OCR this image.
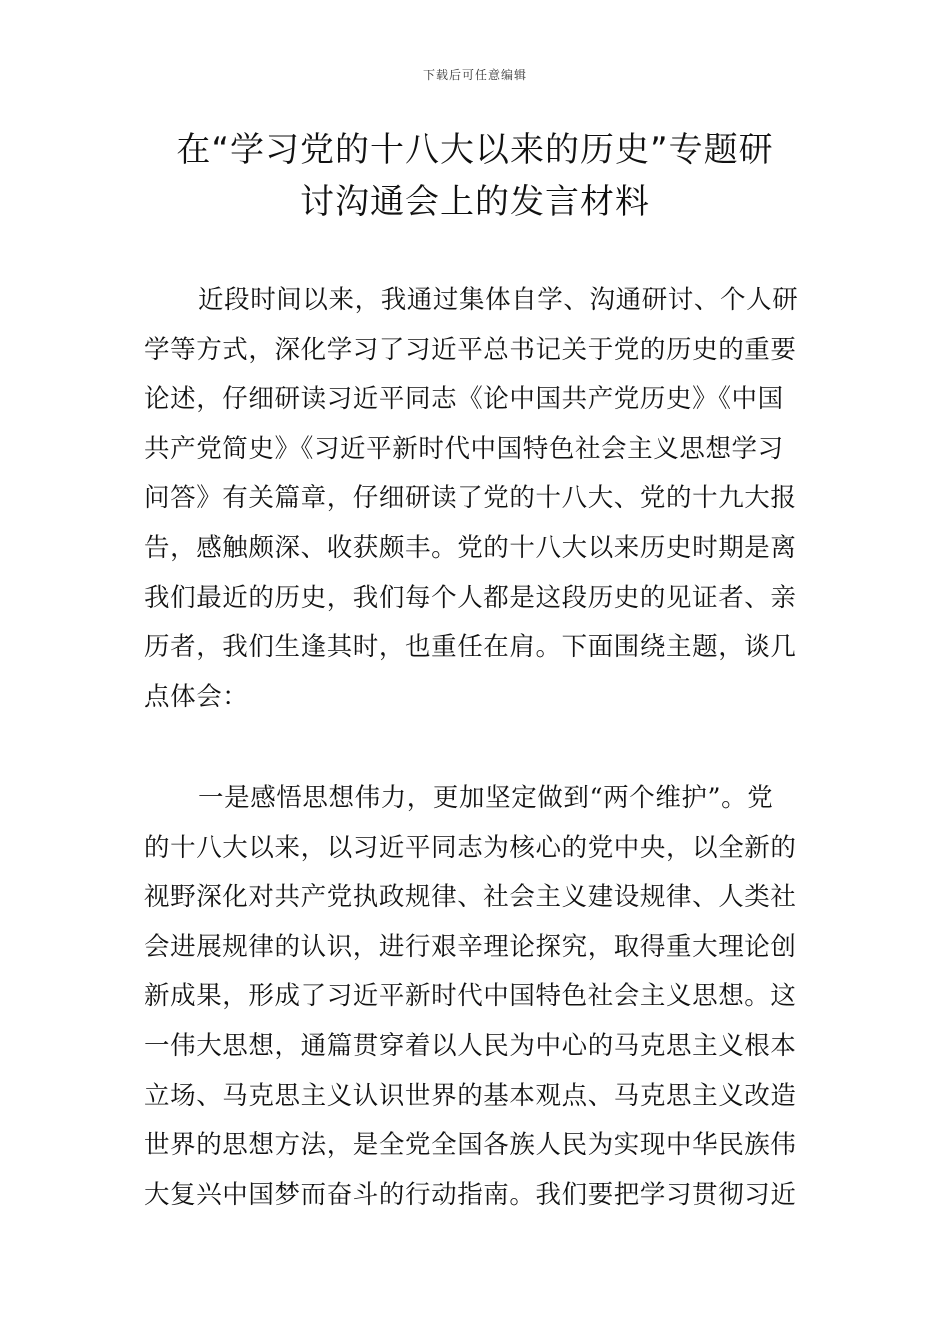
下载后可任意编辑
在“学习党的十八大以来的历史”专题研
讨沟通会上的发言材料
近段时间以来，我通过集体自学、沟通研讨、个人研
学等方式，深化学习了习近平总书记关于党的历史的重要
论述，仔细研读习近平同志《论中国共产党历史》《中国
共产党简史》《习近平新时代中国特色社会主义思想学习
问答》有关篇章，仔细研读了党的十八大、党的十九大报
告，感触颇深、收获颇丰。党的十八大以来历史时期是离
我们最近的历史，我们每个人都是这段历史的见证者、亲
历者，我们生逢其时，也重任在肩。下面围绕主题，谈几
点体会：
一是感悟思想伟力，更加坚定做到“两个维护”。党
的十八大以来，以习近平同志为核心的党中央，以全新的
视野深化对共产党执政规律、社会主义建设规律、人类社
会进展规律的认识，进行艰辛理论探究，取得重大理论创
新成果，形成了习近平新时代中国特色社会主义思想。这
一伟大思想，通篇贯穿着以人民为中心的马克思主义根本
立场、马克思主义认识世界的基本观点、马克思主义改造
世界的思想方法，是全党全国各族人民为实现中华民族伟
大复兴中国梦而奋斗的行动指南。我们要把学习贯彻习近
